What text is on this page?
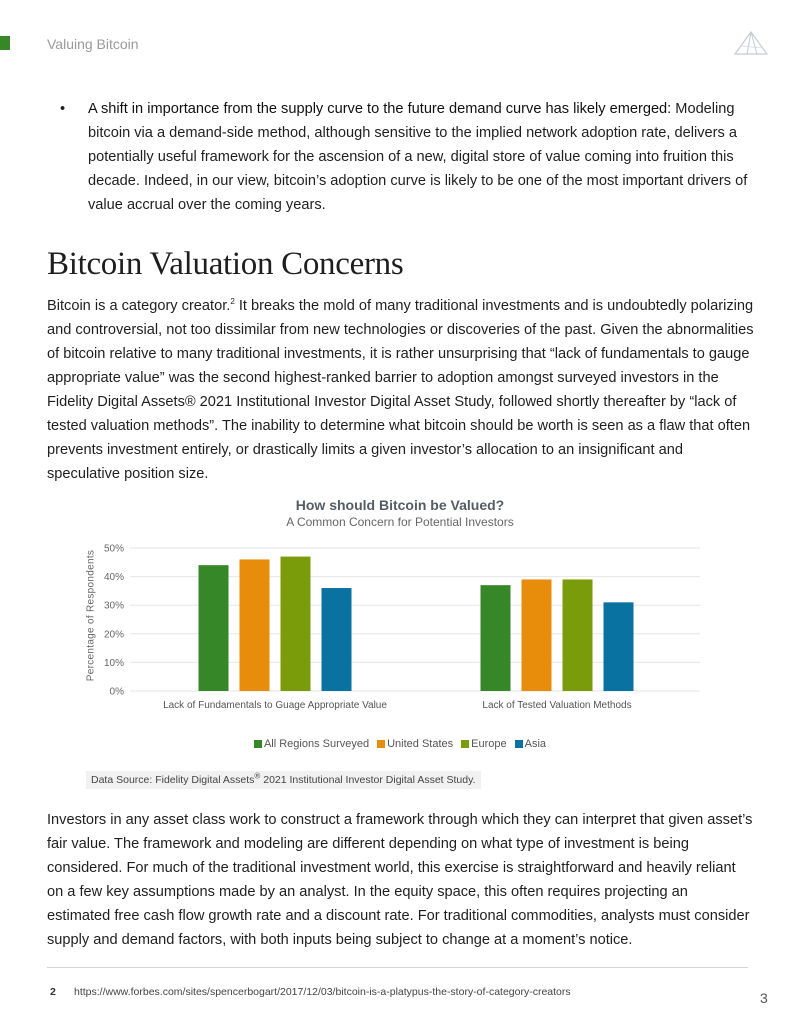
Valuing Bitcoin
• A shift in importance from the supply curve to the future demand curve has likely emerged: Modeling bitcoin via a demand-side method, although sensitive to the implied network adoption rate, delivers a potentially useful framework for the ascension of a new, digital store of value coming into fruition this decade. Indeed, in our view, bitcoin’s adoption curve is likely to be one of the most important drivers of value accrual over the coming years.
Bitcoin Valuation Concerns

Bitcoin is a category creator.$^2$ It breaks the mold of many traditional investments and is undoubtedly polarizing and controversial, not too dissimilar from new technologies or discoveries of the past. Given the abnormalities of bitcoin relative to many traditional investments, it is rather unsurprising that “lack of fundamentals to gauge appropriate value” was the second highest-ranked barrier to adoption amongst surveyed investors in the Fidelity Digital Assets® 2021 Institutional Investor Digital Asset Study, followed shortly thereafter by “lack of tested valuation methods”. The inability to determine what bitcoin should be worth is seen as a flaw that often prevents investment entirely, or drastically limits a given investor’s allocation to an insignificant and speculative position size.

How should Bitcoin be Valued?
A Common Concern for Potential Investors
Percentage of Respondents
0%
10%
20%
30%
40%
50%
Lack of Fundamentals to Guage Appropriate Value	Lack of Tested Valuation Methods
All Regions Surveyed United States Europe Asia
Data Source: Fidelity Digital Assets® 2021 Institutional Investor Digital Asset Study.

Investors in any asset class work to construct a framework through which they can interpret that given asset’s fair value. The framework and modeling are different depending on what type of investment is being considered. For much of the traditional investment world, this exercise is straightforward and heavily reliant on a few key assumptions made by an analyst. In the equity space, this often requires projecting an estimated free cash flow growth rate and a discount rate. For traditional commodities, analysts must consider supply and demand factors, with both inputs being subject to change at a moment’s notice.

2 https://www.forbes.com/sites/spencerbogart/2017/12/03/bitcoin-is-a-platypus-the-story-of-category-creators	3
